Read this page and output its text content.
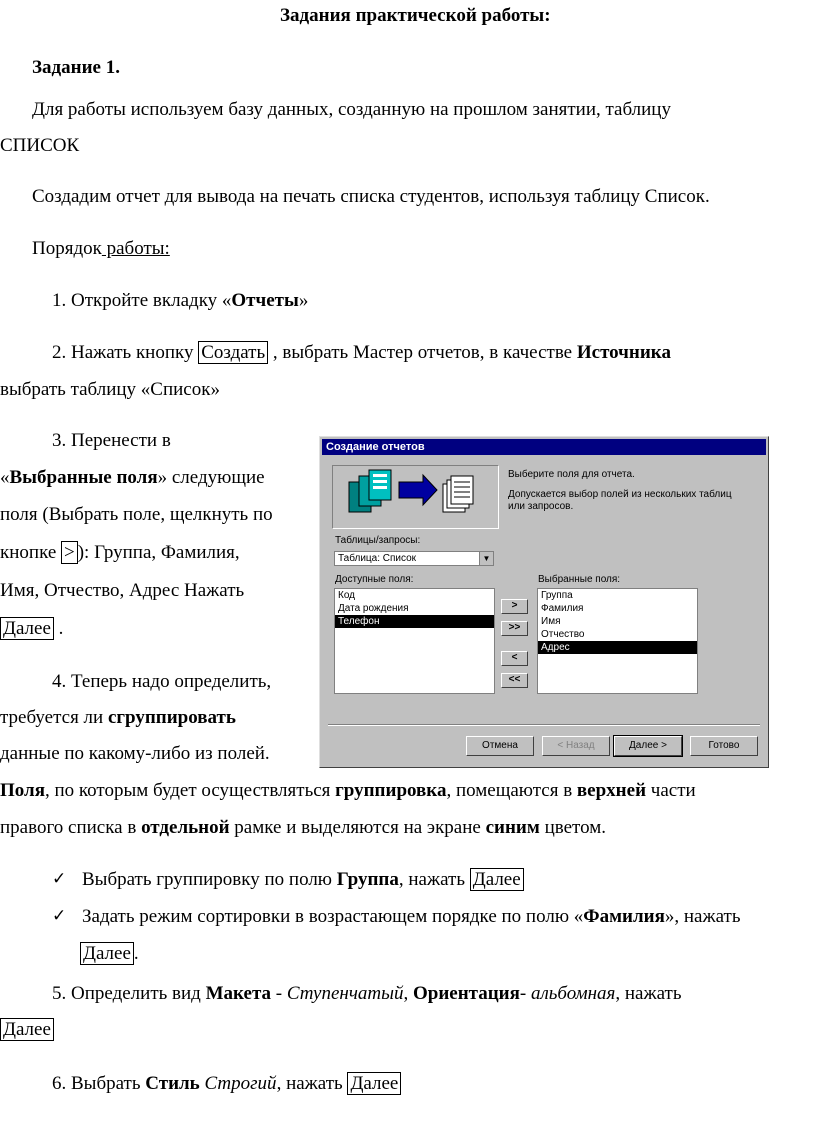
Задания практической работы:
Задание 1.
Для работы используем базу данных, созданную на прошлом занятии, таблицу
СПИСОК
Создадим отчет для вывода на печать списка студентов, используя таблицу Список.
Порядок работы:
1. Откройте вкладку «Отчеты»
2. Нажать кнопку Создать , выбрать Мастер отчетов, в качестве Источника
выбрать таблицу «Список»
3. Перенести в
«Выбранные поля» следующие
поля (Выбрать поле, щелкнуть по
кнопке > ): Группа, Фамилия,
Имя, Отчество, Адрес Нажать
Далее .
4. Теперь надо определить,
требуется ли сгруппировать
данные по какому-либо из полей.
Поля, по которым будет осуществляться группировка, помещаются в верхней части
правого списка в отдельной рамке и выделяются на экране синим цветом.
✓ Выбрать группировку по полю Группа, нажать Далее
✓ Задать режим сортировки в возрастающем порядке по полю «Фамилия», нажать
Далее .
5. Определить вид Макета - Ступенчатый, Ориентация- альбомная, нажать
Далее
6. Выбрать Стиль Строгий, нажать Далее
Создание отчетов
Выберите поля для отчета.
Допускается выбор полей из нескольких таблиц
или запросов.
Таблицы/запросы:
Таблица: Список	▼
Доступные поля:
Код
Дата рождения
Телефон
>
>>
<
<<
Выбранные поля:
Группа
Фамилия
Имя
Отчество
Адрес
Отмена	< Назад	Далее >	Готово
